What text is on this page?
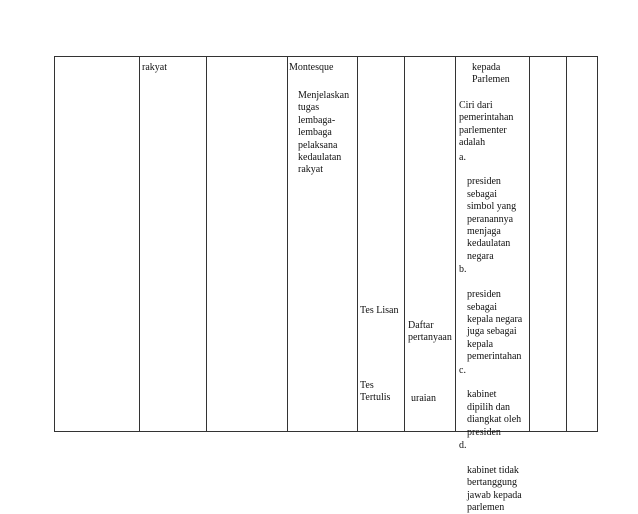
rakyat	Montesque
Menjelaskan
tugas
lembaga-
lembaga
pelaksana
kedaulatan
rakyat
Tes Lisan
Tes
Tertulis
Daftar
pertanyaan
uraian
kepada
Parlemen

Ciri dari
pemerintahan
parlementer
adalah

a.

presiden
sebagai
simbol yang
peranannya
menjaga
kedaulatan
negara

b.

presiden
sebagai
kepala negara
juga sebagai
kepala
pemerintahan

c.

kabinet
dipilih dan
diangkat oleh
presiden

d.

kabinet tidak
bertanggung
jawab kepada
parlemen
